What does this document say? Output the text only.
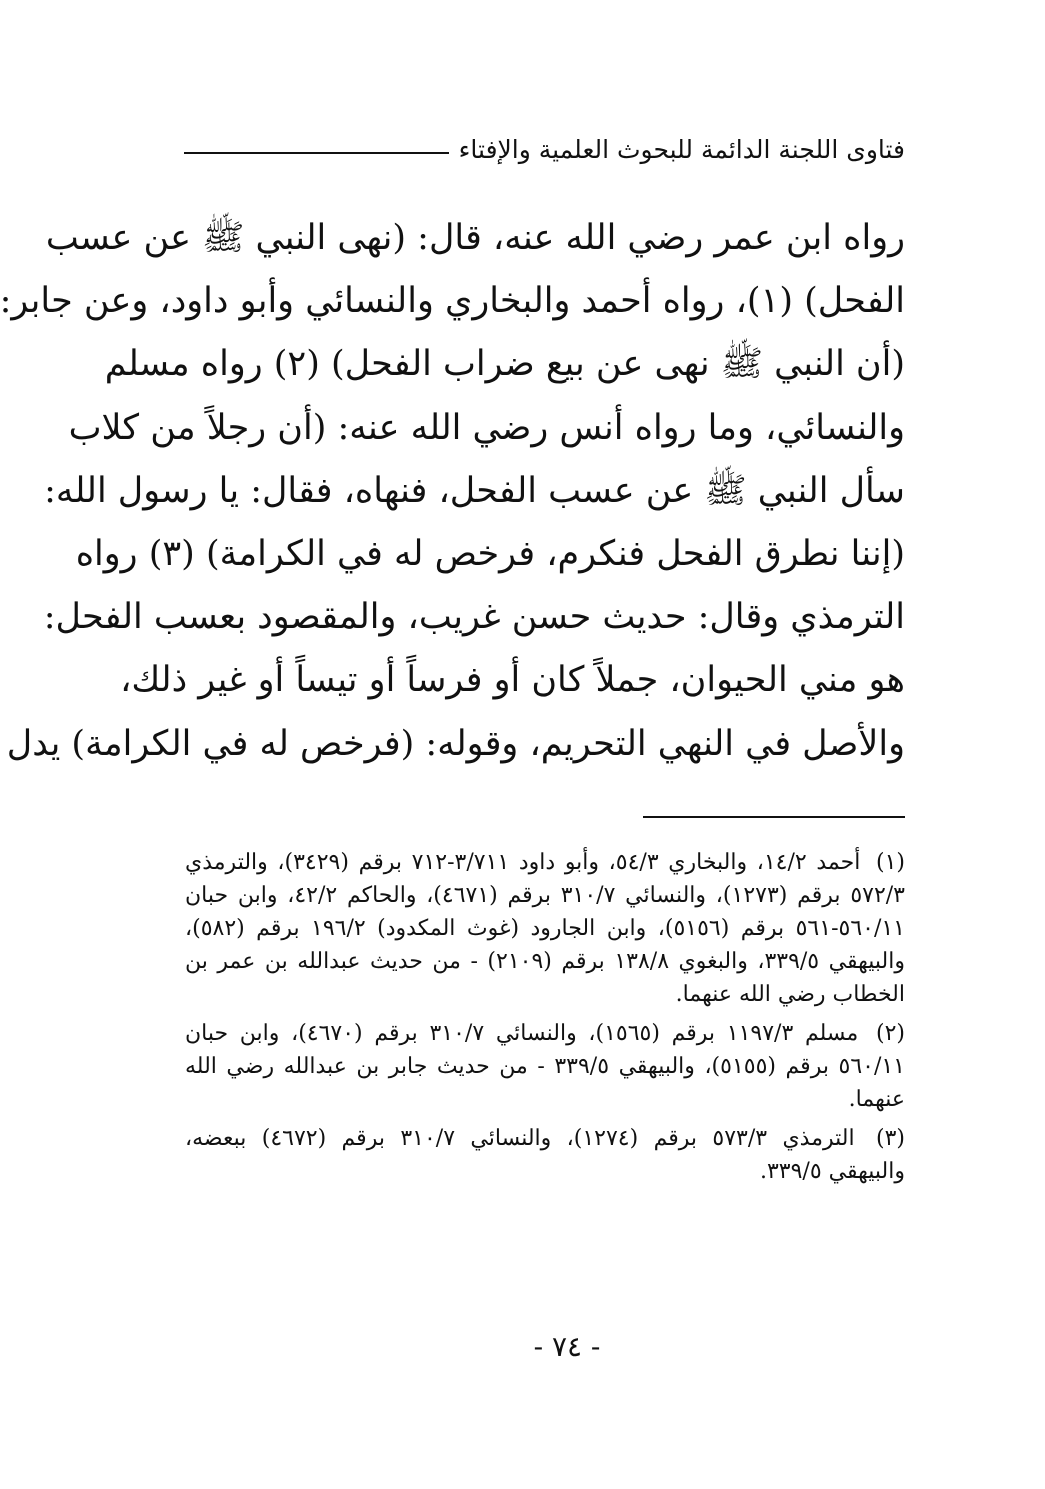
فتاوى اللجنة الدائمة للبحوث العلمية والإفتاء
رواه ابن عمر رضي الله عنه، قال: (نهى النبي ﷺ عن عسب
الفحل) (١)، رواه أحمد والبخاري والنسائي وأبو داود، وعن جابر:
(أن النبي ﷺ نهى عن بيع ضراب الفحل) (٢) رواه مسلم
والنسائي، وما رواه أنس رضي الله عنه: (أن رجلاً من كلاب
سأل النبي ﷺ عن عسب الفحل، فنهاه، فقال: يا رسول الله:
(إننا نطرق الفحل فنكرم، فرخص له في الكرامة) (٣) رواه
الترمذي وقال: حديث حسن غريب، والمقصود بعسب الفحل:
هو مني الحيوان، جملاً كان أو فرساً أو تيساً أو غير ذلك،
والأصل في النهي التحريم، وقوله: (فرخص له في الكرامة) يدل

(١) أحمد ١٤/٢، والبخاري ٥٤/٣، وأبو داود ٣/٧١١-٧١٢ برقم (٣٤٢٩)، والترمذي ٥٧٢/٣ برقم (١٢٧٣)، والنسائي ٣١٠/٧ برقم (٤٦٧١)، والحاكم ٤٢/٢، وابن حبان ٥٦٠/١١-٥٦١ برقم (٥١٥٦)، وابن الجارود (غوث المكدود) ١٩٦/٢ برقم (٥٨٢)، والبيهقي ٣٣٩/٥، والبغوي ١٣٨/٨ برقم (٢١٠٩) - من حديث عبدالله بن عمر بن الخطاب رضي الله عنهما.

(٢) مسلم ١١٩٧/٣ برقم (١٥٦٥)، والنسائي ٣١٠/٧ برقم (٤٦٧٠)، وابن حبان ٥٦٠/١١ برقم (٥١٥٥)، والبيهقي ٣٣٩/٥ - من حديث جابر بن عبدالله رضي الله عنهما.

(٣) الترمذي ٥٧٣/٣ برقم (١٢٧٤)، والنسائي ٣١٠/٧ برقم (٤٦٧٢) ببعضه، والبيهقي ٣٣٩/٥.

- ٧٤ -
